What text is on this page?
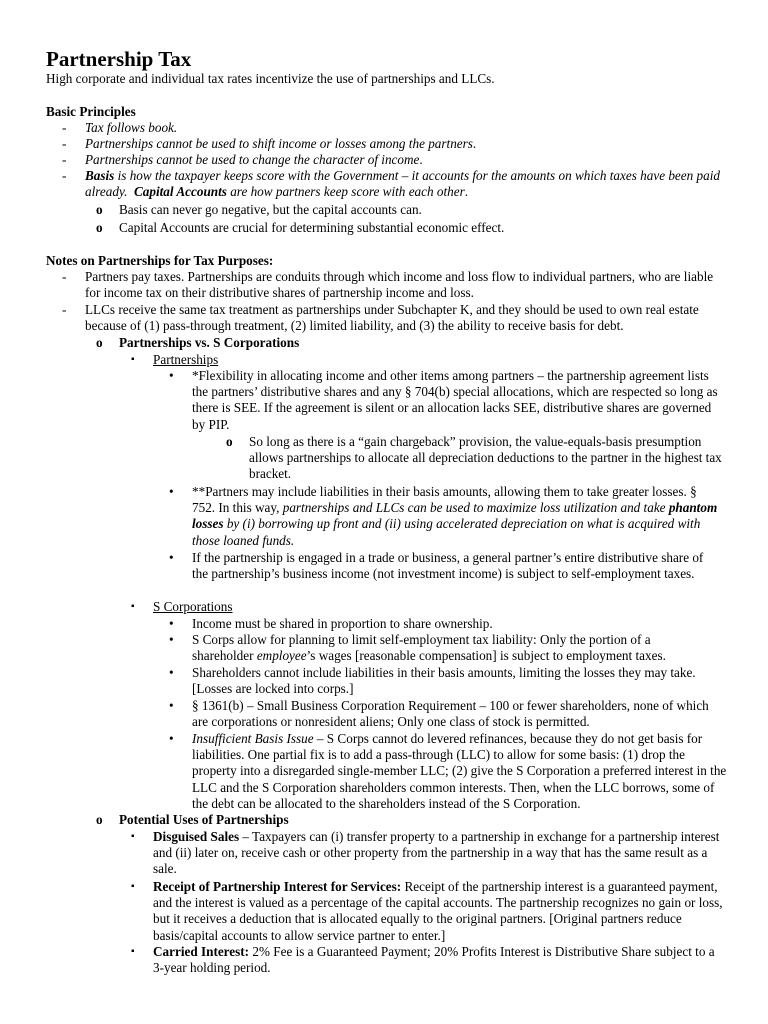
Partnership Tax
High corporate and individual tax rates incentivize the use of partnerships and LLCs.
Basic Principles
- Tax follows book.
- Partnerships cannot be used to shift income or losses among the partners.
- Partnerships cannot be used to change the character of income.
- Basis is how the taxpayer keeps score with the Government – it accounts for the amounts on which taxes have been paid already. Capital Accounts are how partners keep score with each other.
o Basis can never go negative, but the capital accounts can.
o Capital Accounts are crucial for determining substantial economic effect.
Notes on Partnerships for Tax Purposes:
- Partners pay taxes. Partnerships are conduits through which income and loss flow to individual partners, who are liable for income tax on their distributive shares of partnership income and loss.
- LLCs receive the same tax treatment as partnerships under Subchapter K, and they should be used to own real estate because of (1) pass-through treatment, (2) limited liability, and (3) the ability to receive basis for debt.
o Partnerships vs. S Corporations
▪ Partnerships
• *Flexibility in allocating income and other items among partners – the partnership agreement lists the partners’ distributive shares and any § 704(b) special allocations, which are respected so long as there is SEE. If the agreement is silent or an allocation lacks SEE, distributive shares are governed by PIP.
o So long as there is a “gain chargeback” provision, the value-equals-basis presumption allows partnerships to allocate all depreciation deductions to the partner in the highest tax bracket.
• **Partners may include liabilities in their basis amounts, allowing them to take greater losses. § 752. In this way, partnerships and LLCs can be used to maximize loss utilization and take phantom losses by (i) borrowing up front and (ii) using accelerated depreciation on what is acquired with those loaned funds.
• If the partnership is engaged in a trade or business, a general partner’s entire distributive share of the partnership’s business income (not investment income) is subject to self-employment taxes.
▪ S Corporations
• Income must be shared in proportion to share ownership.
• S Corps allow for planning to limit self-employment tax liability: Only the portion of a shareholder employee’s wages [reasonable compensation] is subject to employment taxes.
• Shareholders cannot include liabilities in their basis amounts, limiting the losses they may take. [Losses are locked into corps.]
• § 1361(b) – Small Business Corporation Requirement – 100 or fewer shareholders, none of which are corporations or nonresident aliens; Only one class of stock is permitted.
• Insufficient Basis Issue – S Corps cannot do levered refinances, because they do not get basis for liabilities. One partial fix is to add a pass-through (LLC) to allow for some basis: (1) drop the property into a disregarded single-member LLC; (2) give the S Corporation a preferred interest in the LLC and the S Corporation shareholders common interests. Then, when the LLC borrows, some of the debt can be allocated to the shareholders instead of the S Corporation.
o Potential Uses of Partnerships
▪ Disguised Sales – Taxpayers can (i) transfer property to a partnership in exchange for a partnership interest and (ii) later on, receive cash or other property from the partnership in a way that has the same result as a sale.
▪ Receipt of Partnership Interest for Services: Receipt of the partnership interest is a guaranteed payment, and the interest is valued as a percentage of the capital accounts. The partnership recognizes no gain or loss, but it receives a deduction that is allocated equally to the original partners. [Original partners reduce basis/capital accounts to allow service partner to enter.]
▪ Carried Interest: 2% Fee is a Guaranteed Payment; 20% Profits Interest is Distributive Share subject to a 3-year holding period.
